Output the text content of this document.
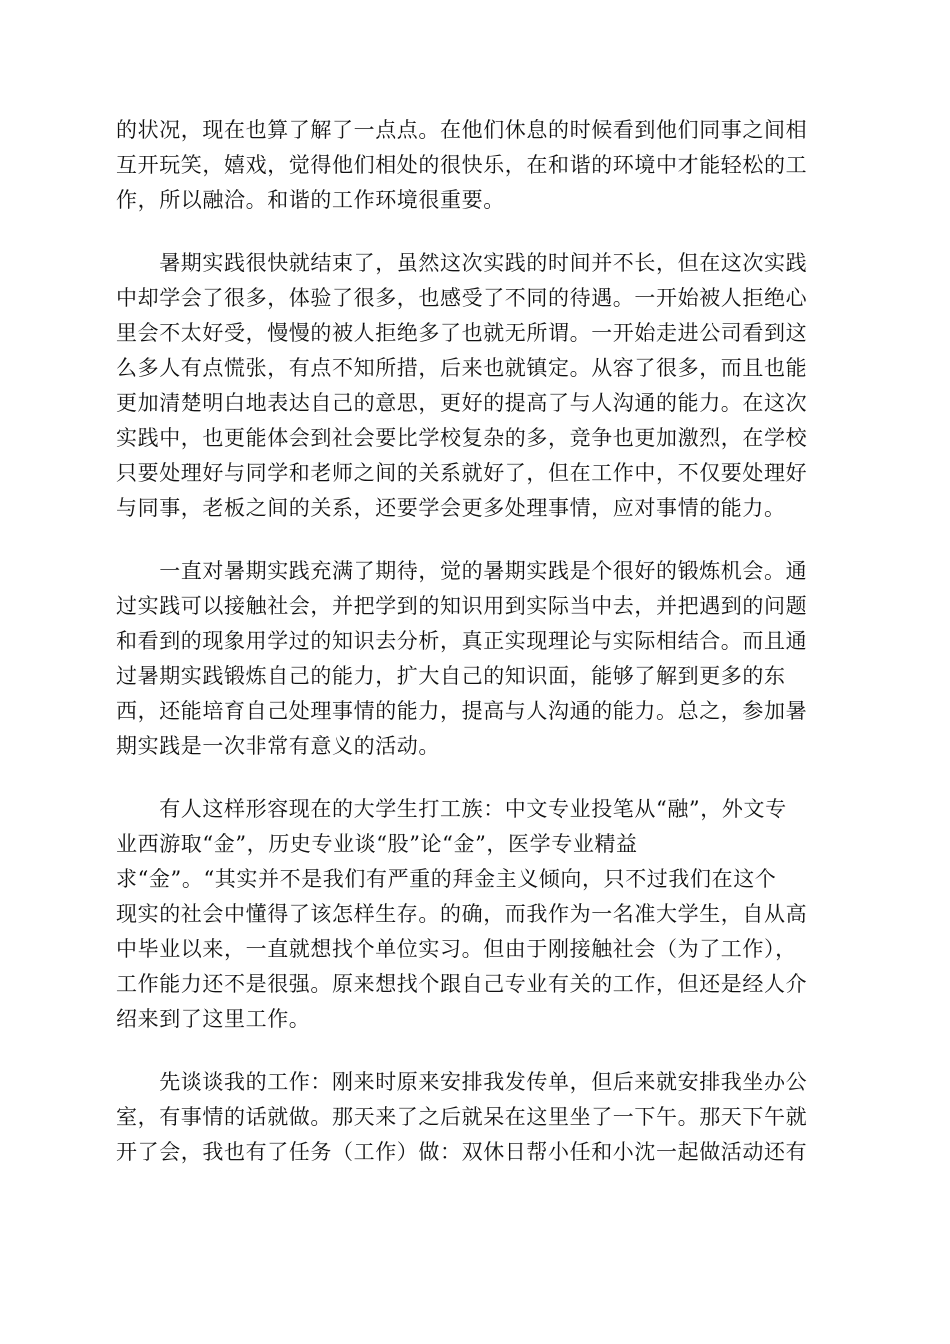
的状况，现在也算了解了一点点。在他们休息的时候看到他们同事之间相
互开玩笑，嬉戏，觉得他们相处的很快乐，在和谐的环境中才能轻松的工
作，所以融洽。和谐的工作环境很重要。
　　暑期实践很快就结束了，虽然这次实践的时间并不长，但在这次实践
中却学会了很多，体验了很多，也感受了不同的待遇。一开始被人拒绝心
里会不太好受，慢慢的被人拒绝多了也就无所谓。一开始走进公司看到这
么多人有点慌张，有点不知所措，后来也就镇定。从容了很多，而且也能
更加清楚明白地表达自己的意思，更好的提高了与人沟通的能力。在这次
实践中，也更能体会到社会要比学校复杂的多，竞争也更加激烈，在学校
只要处理好与同学和老师之间的关系就好了，但在工作中，不仅要处理好
与同事，老板之间的关系，还要学会更多处理事情，应对事情的能力。
　　一直对暑期实践充满了期待，觉的暑期实践是个很好的锻炼机会。通
过实践可以接触社会，并把学到的知识用到实际当中去，并把遇到的问题
和看到的现象用学过的知识去分析，真正实现理论与实际相结合。而且通
过暑期实践锻炼自己的能力，扩大自己的知识面，能够了解到更多的东
西，还能培育自己处理事情的能力，提高与人沟通的能力。总之，参加暑
期实践是一次非常有意义的活动。
　　有人这样形容现在的大学生打工族：中文专业投笔从“融”，外文专
业西游取“金”，历史专业谈“股”论“金”，医学专业精益
求“金”。“其实并不是我们有严重的拜金主义倾向，只不过我们在这个
现实的社会中懂得了该怎样生存。的确，而我作为一名准大学生，自从高
中毕业以来，一直就想找个单位实习。但由于刚接触社会（为了工作），
工作能力还不是很强。原来想找个跟自己专业有关的工作，但还是经人介
绍来到了这里工作。
　　先谈谈我的工作：刚来时原来安排我发传单，但后来就安排我坐办公
室，有事情的话就做。那天来了之后就呆在这里坐了一下午。那天下午就
开了会，我也有了任务（工作）做：双休日帮小任和小沈一起做活动还有
